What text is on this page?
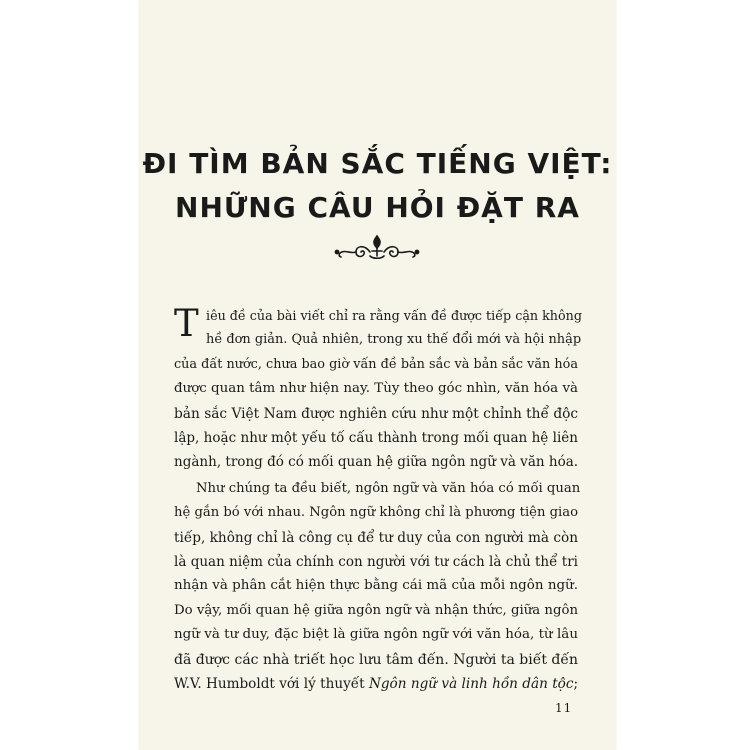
ĐI TÌM BẢN SẮC TIẾNG VIỆT:
NHỮNG CÂU HỎI ĐẶT RA
T iêu đề của bài viết chỉ ra rằng vấn đề được tiếp cận không
hề đơn giản. Quả nhiên, trong xu thế đổi mới và hội nhập
của đất nước, chưa bao giờ vấn đề bản sắc và bản sắc văn hóa
được quan tâm như hiện nay. Tùy theo góc nhìn, văn hóa và
bản sắc Việt Nam được nghiên cứu như một chỉnh thể độc
lập, hoặc như một yếu tố cấu thành trong mối quan hệ liên
ngành, trong đó có mối quan hệ giữa ngôn ngữ và văn hóa.
Như chúng ta đều biết, ngôn ngữ và văn hóa có mối quan
hệ gắn bó với nhau. Ngôn ngữ không chỉ là phương tiện giao
tiếp, không chỉ là công cụ để tư duy của con người mà còn
là quan niệm của chính con người với tư cách là chủ thể tri
nhận và phân cắt hiện thực bằng cái mã của mỗi ngôn ngữ.
Do vậy, mối quan hệ giữa ngôn ngữ và nhận thức, giữa ngôn
ngữ và tư duy, đặc biệt là giữa ngôn ngữ với văn hóa, từ lâu
đã được các nhà triết học lưu tâm đến. Người ta biết đến
W.V. Humboldt với lý thuyết Ngôn ngữ và linh hồn dân tộc;
11
